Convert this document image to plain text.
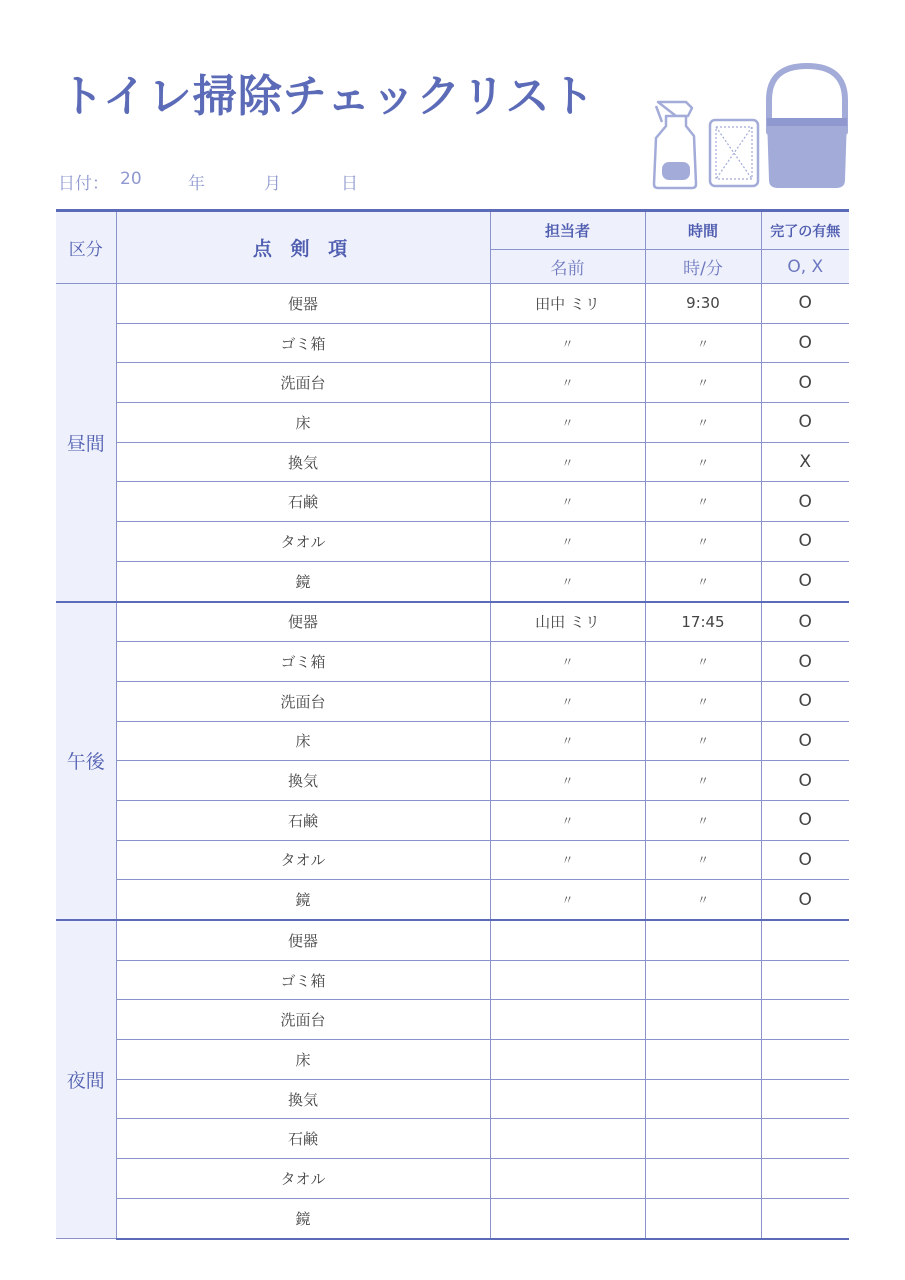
トイレ掃除チェックリスト
日付： 20	年	月	日
区分	点 剣 項	担当者	時間	完了の有無
		名前	時/分	O, X
昼間	便器	田中 ミリ	9:30	O
	ゴミ箱	〃	〃	O
	洗面台	〃	〃	O
	床	〃	〃	O
	換気	〃	〃	X
	石鹸	〃	〃	O
	タオル	〃	〃	O
	鏡	〃	〃	O
午後	便器	山田 ミリ	17:45	O
	ゴミ箱	〃	〃	O
	洗面台	〃	〃	O
	床	〃	〃	O
	換気	〃	〃	O
	石鹸	〃	〃	O
	タオル	〃	〃	O
	鏡	〃	〃	O
夜間	便器			
	ゴミ箱			
	洗面台			
	床			
	換気			
	石鹸			
	タオル			
	鏡			
